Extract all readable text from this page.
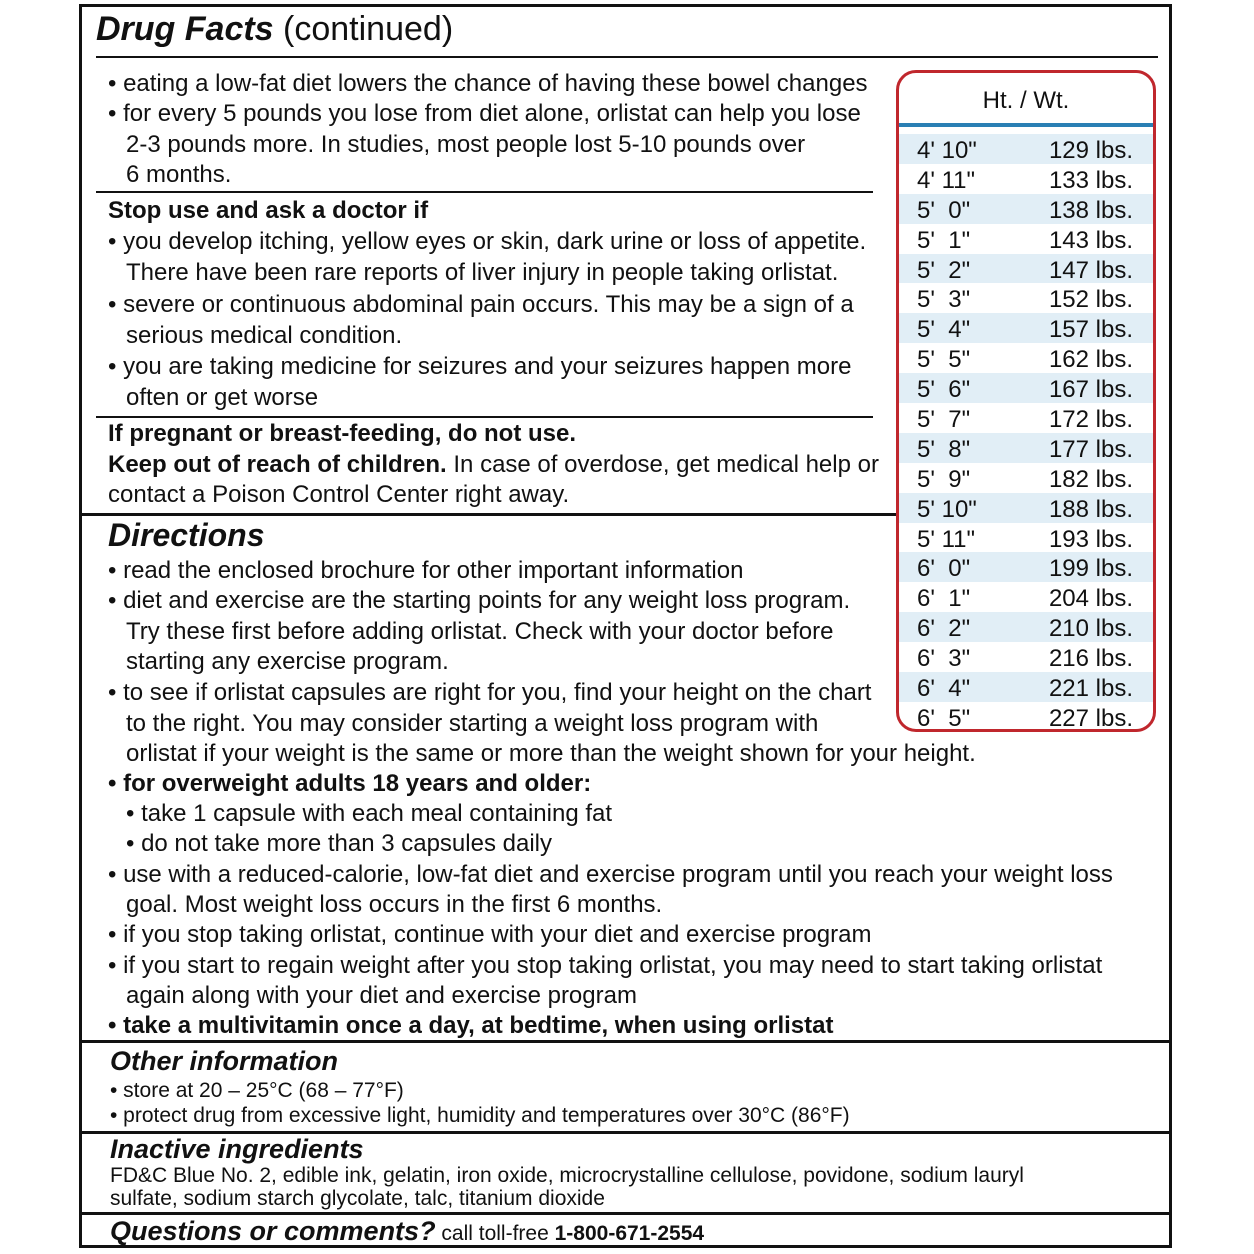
Drug Facts (continued)
• eating a low-fat diet lowers the chance of having these bowel changes
• for every 5 pounds you lose from diet alone, orlistat can help you lose
2-3 pounds more. In studies, most people lost 5-10 pounds over
6 months.
Stop use and ask a doctor if
• you develop itching, yellow eyes or skin, dark urine or loss of appetite.
There have been rare reports of liver injury in people taking orlistat.
• severe or continuous abdominal pain occurs. This may be a sign of a
serious medical condition.
• you are taking medicine for seizures and your seizures happen more
often or get worse
If pregnant or breast-feeding, do not use.
Keep out of reach of children. In case of overdose, get medical help or
contact a Poison Control Center right away.
Directions
• read the enclosed brochure for other important information
• diet and exercise are the starting points for any weight loss program.
Try these first before adding orlistat. Check with your doctor before
starting any exercise program.
• to see if orlistat capsules are right for you, find your height on the chart
to the right. You may consider starting a weight loss program with
orlistat if your weight is the same or more than the weight shown for your height.
• for overweight adults 18 years and older:
• take 1 capsule with each meal containing fat
• do not take more than 3 capsules daily
• use with a reduced-calorie, low-fat diet and exercise program until you reach your weight loss
goal. Most weight loss occurs in the first 6 months.
• if you stop taking orlistat, continue with your diet and exercise program
• if you start to regain weight after you stop taking orlistat, you may need to start taking orlistat
again along with your diet and exercise program
• take a multivitamin once a day, at bedtime, when using orlistat
Other information
• store at 20 – 25°C (68 – 77°F)
• protect drug from excessive light, humidity and temperatures over 30°C (86°F)
Inactive ingredients
FD&C Blue No. 2, edible ink, gelatin, iron oxide, microcrystalline cellulose, povidone, sodium lauryl
sulfate, sodium starch glycolate, talc, titanium dioxide
Questions or comments? call toll-free 1-800-671-2554
Ht. / Wt.
4' 10"	129 lbs.
4' 11"	133 lbs.
5'  0"	138 lbs.
5'  1"	143 lbs.
5'  2"	147 lbs.
5'  3"	152 lbs.
5'  4"	157 lbs.
5'  5"	162 lbs.
5'  6"	167 lbs.
5'  7"	172 lbs.
5'  8"	177 lbs.
5'  9"	182 lbs.
5' 10"	188 lbs.
5' 11"	193 lbs.
6'  0"	199 lbs.
6'  1"	204 lbs.
6'  2"	210 lbs.
6'  3"	216 lbs.
6'  4"	221 lbs.
6'  5"	227 lbs.
